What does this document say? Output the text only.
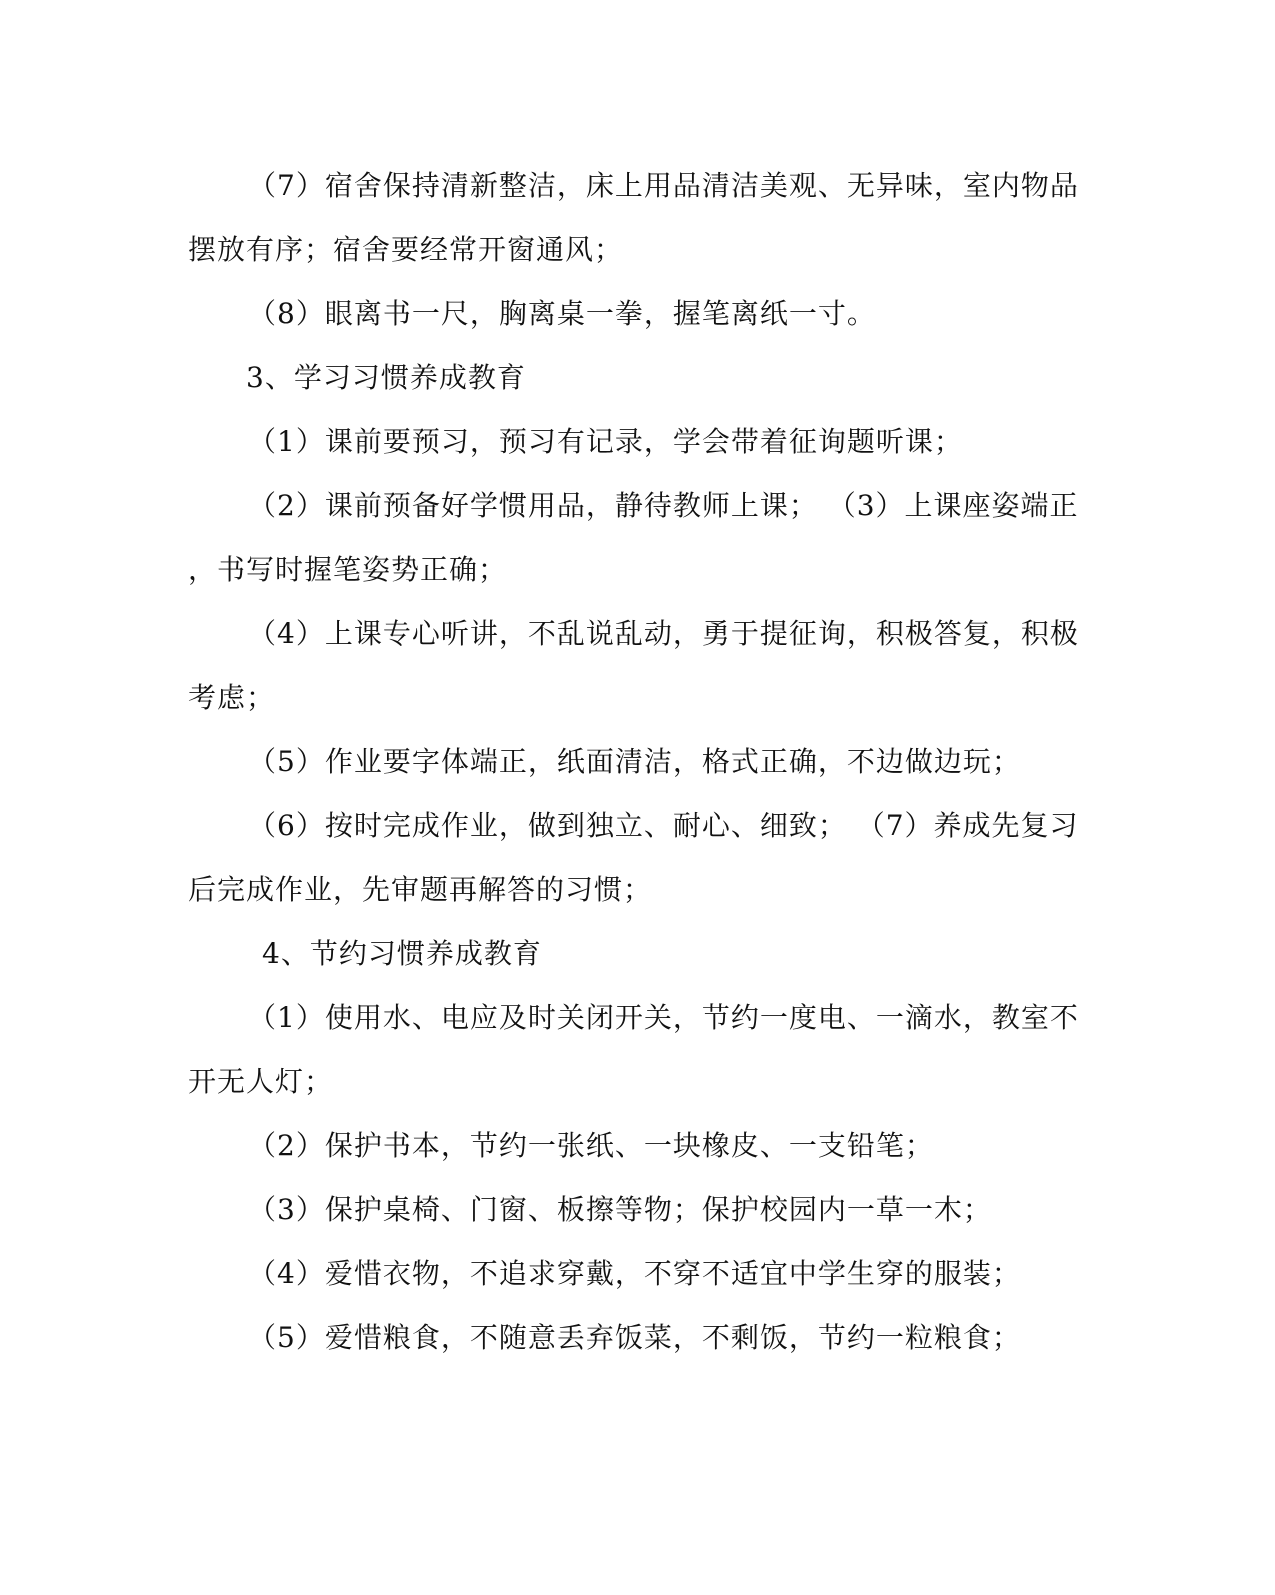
（7）宿舍保持清新整洁，床上用品清洁美观、无异味，室内物品
摆放有序；宿舍要经常开窗通风；
（8）眼离书一尺，胸离桌一拳，握笔离纸一寸。
3、学习习惯养成教育
（1）课前要预习，预习有记录，学会带着征询题听课；
（2）课前预备好学惯用品，静待教师上课； （3）上课座姿端正
，书写时握笔姿势正确；
（4）上课专心听讲，不乱说乱动，勇于提征询，积极答复，积极
考虑；
（5）作业要字体端正，纸面清洁，格式正确，不边做边玩；
（6）按时完成作业，做到独立、耐心、细致； （7）养成先复习
后完成作业，先审题再解答的习惯；
4、节约习惯养成教育
（1）使用水、电应及时关闭开关，节约一度电、一滴水，教室不
开无人灯；
（2）保护书本，节约一张纸、一块橡皮、一支铅笔；
（3）保护桌椅、门窗、板擦等物；保护校园内一草一木；
（4）爱惜衣物，不追求穿戴，不穿不适宜中学生穿的服装；
（5）爱惜粮食，不随意丢弃饭菜，不剩饭，节约一粒粮食；
